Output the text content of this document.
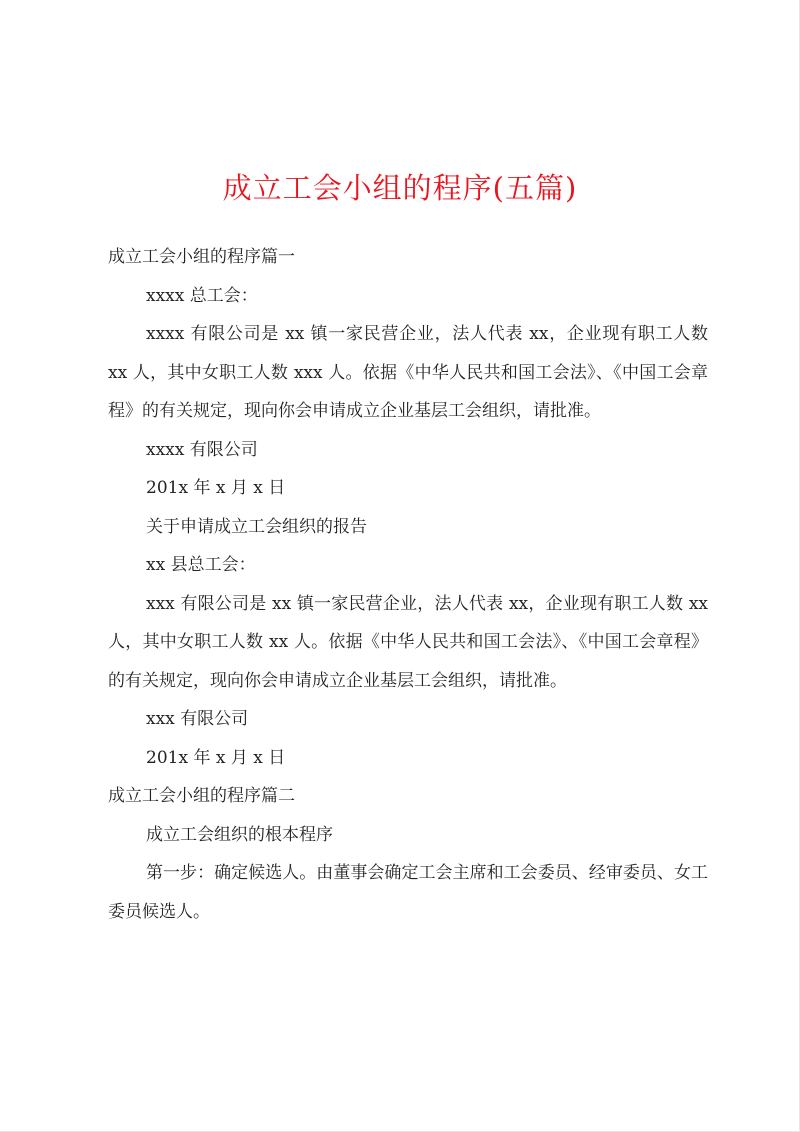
成立工会小组的程序(五篇)

成立工会小组的程序篇一

xxxx 总工会：

xxxx 有限公司是 xx 镇一家民营企业，法人代表 xx，企业现有职工人数 xx 人，其中女职工人数 xxx 人。依据《中华人民共和国工会法》、《中国工会章程》的有关规定，现向你会申请成立企业基层工会组织，请批准。

xxxx 有限公司

201x 年 x 月 x 日

关于申请成立工会组织的报告

xx 县总工会：

xxx 有限公司是 xx 镇一家民营企业，法人代表 xx，企业现有职工人数 xx 人，其中女职工人数 xx 人。依据《中华人民共和国工会法》、《中国工会章程》的有关规定，现向你会申请成立企业基层工会组织，请批准。

xxx 有限公司

201x 年 x 月 x 日

成立工会小组的程序篇二

成立工会组织的根本程序

第一步：确定候选人。由董事会确定工会主席和工会委员、经审委员、女工委员候选人。
